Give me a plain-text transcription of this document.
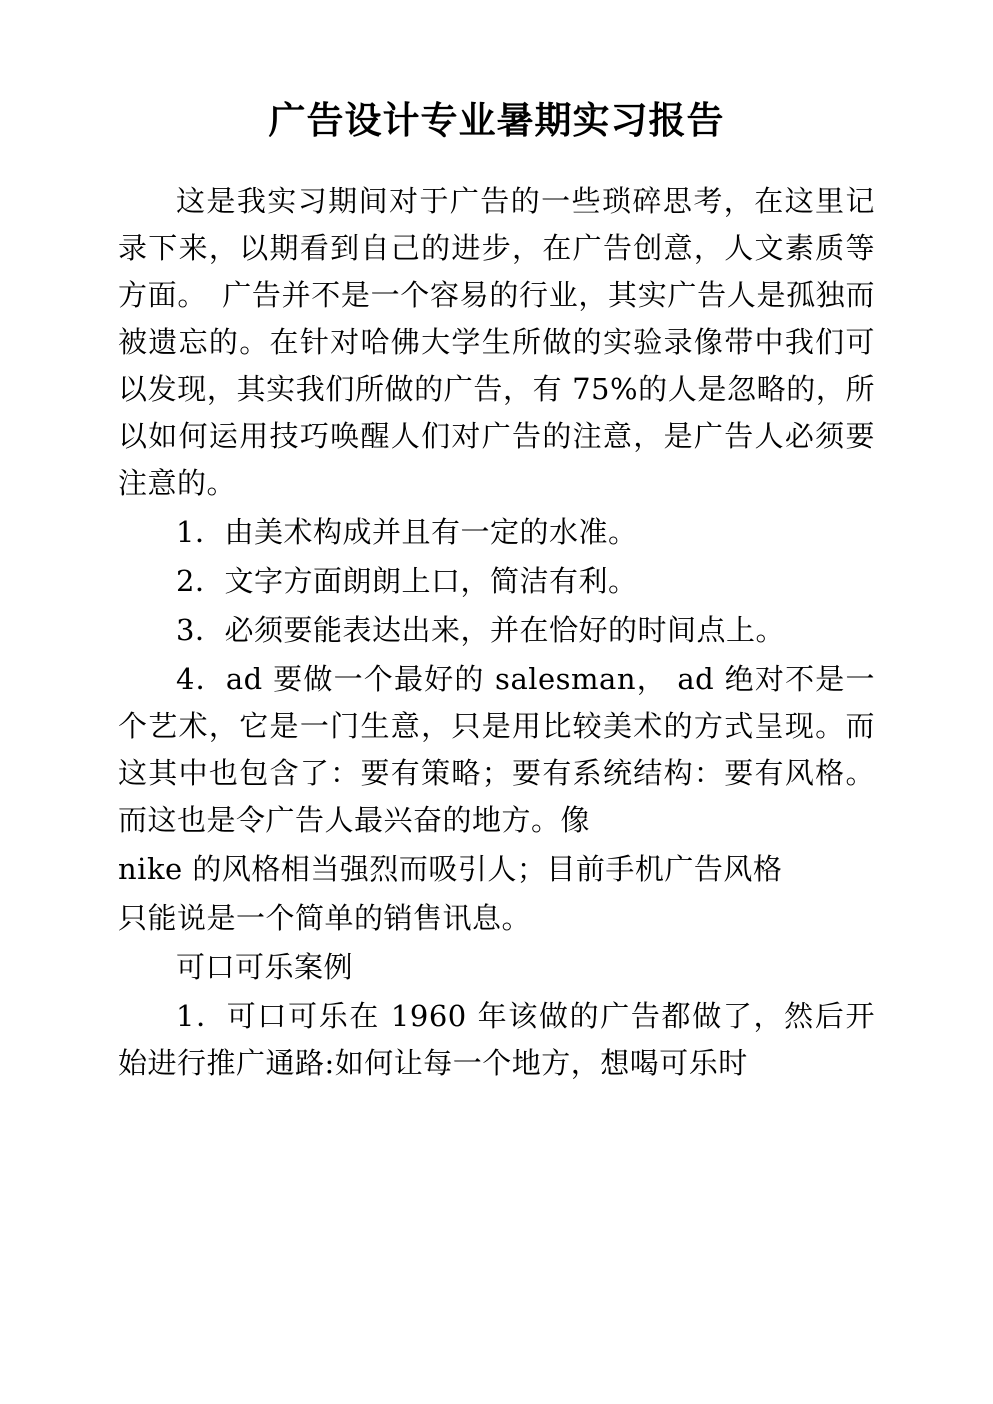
广告设计专业暑期实习报告

这是我实习期间对于广告的一些琐碎思考，在这里记录下来，以期看到自己的进步，在广告创意，人文素质等方面。　广告并不是一个容易的行业，其实广告人是孤独而被遗忘的。在针对哈佛大学生所做的实验录像带中我们可以发现，其实我们所做的广告，有 75%的人是忽略的，所以如何运用技巧唤醒人们对广告的注意，是广告人必须要注意的。

1．由美术构成并且有一定的水准。

2．文字方面朗朗上口，简洁有利。

3．必须要能表达出来，并在恰好的时间点上。

4．ad 要做一个最好的 salesman， ad 绝对不是一个艺术，它是一门生意，只是用比较美术的方式呈现。而这其中也包含了：要有策略；要有系统结构：要有风格。而这也是令广告人最兴奋的地方。像

nike 的风格相当强烈而吸引人；目前手机广告风格

只能说是一个简单的销售讯息。

可口可乐案例

1．可口可乐在 1960 年该做的广告都做了，然后开始进行推广通路:如何让每一个地方，想喝可乐时
